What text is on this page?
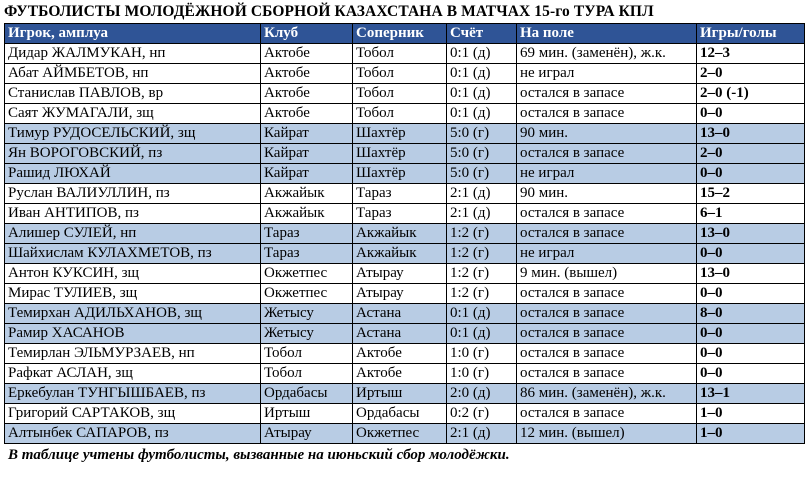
ФУТБОЛИСТЫ МОЛОДЁЖНОЙ СБОРНОЙ КАЗАХСТАНА В МАТЧАХ 15-го ТУРА КПЛ
Игрок, амплуа	Клуб	Соперник	Счёт	На поле	Игры/голы
Дидар ЖАЛМУКАН, нп	Актобе	Тобол	0:1 (д)	69 мин. (заменён), ж.к.	12–3
Абат АЙМБЕТОВ, нп	Актобе	Тобол	0:1 (д)	не играл	2–0
Станислав ПАВЛОВ, вр	Актобе	Тобол	0:1 (д)	остался в запасе	2–0 (-1)
Саят ЖУМАГАЛИ, зщ	Актобе	Тобол	0:1 (д)	остался в запасе	0–0
Тимур РУДОСЕЛЬСКИЙ, зщ	Кайрат	Шахтёр	5:0 (г)	90 мин.	13–0
Ян ВОРОГОВСКИЙ, пз	Кайрат	Шахтёр	5:0 (г)	остался в запасе	2–0
Рашид ЛЮХАЙ	Кайрат	Шахтёр	5:0 (г)	не играл	0–0
Руслан ВАЛИУЛЛИН, пз	Акжайык	Тараз	2:1 (д)	90 мин.	15–2
Иван АНТИПОВ, пз	Акжайык	Тараз	2:1 (д)	остался в запасе	6–1
Алишер СУЛЕЙ, нп	Тараз	Акжайык	1:2 (г)	остался в запасе	13–0
Шайхислам КУЛАХМЕТОВ, пз	Тараз	Акжайык	1:2 (г)	не играл	0–0
Антон КУКСИН, зщ	Окжетпес	Атырау	1:2 (г)	9 мин. (вышел)	13–0
Мирас ТУЛИЕВ, зщ	Окжетпес	Атырау	1:2 (г)	остался в запасе	0–0
Темирхан АДИЛЬХАНОВ, зщ	Жетысу	Астана	0:1 (д)	остался в запасе	8–0
Рамир ХАСАНОВ	Жетысу	Астана	0:1 (д)	остался в запасе	0–0
Темирлан ЭЛЬМУРЗАЕВ, нп	Тобол	Актобе	1:0 (г)	остался в запасе	0–0
Рафкат АСЛАН, зщ	Тобол	Актобе	1:0 (г)	остался в запасе	0–0
Еркебулан ТУНГЫШБАЕВ, пз	Ордабасы	Иртыш	2:0 (д)	86 мин. (заменён), ж.к.	13–1
Григорий САРТАКОВ, зщ	Иртыш	Ордабасы	0:2 (г)	остался в запасе	1–0
Алтынбек САПАРОВ, пз	Атырау	Окжетпес	2:1 (д)	12 мин. (вышел)	1–0
В таблице учтены футболисты, вызванные на июньский сбор молодёжки.
